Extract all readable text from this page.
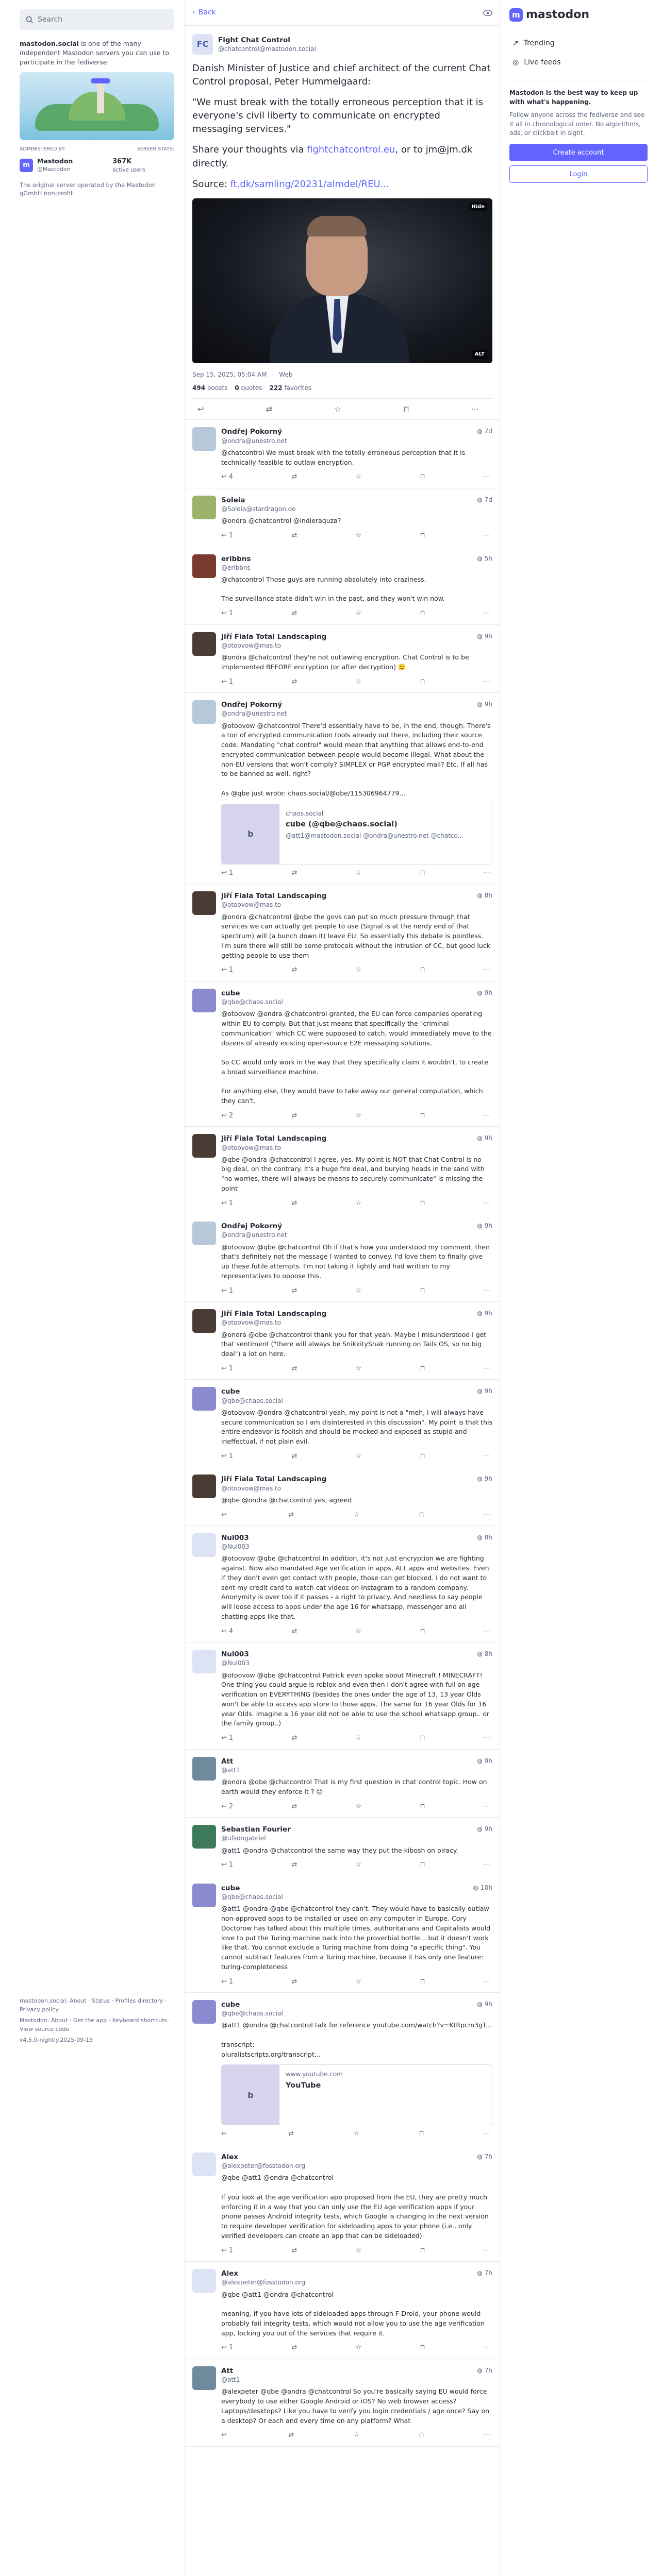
Search
mastodon.social is one of the many independent Mastodon servers you can use to participate in the fediverse.
ADMINISTERED BY:	SERVER STATS:
m
Mastodon
@Mastodon
367K
active users
The original server operated by the Mastodon gGmbH non-profit
mastodon.social: About · Status · Profiles directory · Privacy policy
Mastodon: About · Get the app · Keyboard shortcuts · View source code
v4.5.0-nightly.2025-09-15
‹ Back
FC	Fight Chat Control
@chatcontrol@mastodon.social

Danish Minister of Justice and chief architect of the current Chat Control proposal, Peter Hummelgaard:

"We must break with the totally erroneous perception that it is everyone's civil liberty to communicate on encrypted messaging services."

Share your thoughts via fightchatcontrol.eu, or to jm@jm.dk directly.

Source: ft.dk/samling/20231/almdel/REU...

Hide
ALT
Sep 15, 2025, 05:04 AM · Web
494 boosts 0 quotes 222 favorites
↩	⇄	☆	⊓	⋯
Ondřej Pokorný
@ondra@unestro.net
◍ 7d

@chatcontrol We must break with the totally erroneous perception that it is technically feasible to outlaw encryption.

↩ 4	⇄	☆	⊓	⋯
Soleia
@Soleia@stardragon.de
◍ 7d

@ondra @chatcontrol @indieraquza?

↩ 1	⇄	☆	⊓	⋯
eribbns
@eribbns
◍ 5h

@chatcontrol Those guys are running absolutely into craziness.

The surveillance state didn't win in the past, and they won't win now.

↩ 1	⇄	☆	⊓	⋯
Jiří Fiala Total Landscaping
@otoovow@mas.to
◍ 9h

@ondra @chatcontrol they're not outlawing encryption. Chat Control is to be implemented BEFORE encryption (or after decryption) 🙂

↩ 1	⇄	☆	⊓	⋯
Ondřej Pokorný
@ondra@unestro.net
◍ 9h

@otoovow @chatcontrol There'd essentially have to be, in the end, though. There's a ton of encrypted communication tools already out there, including their source code. Mandating "chat control" would mean that anything that allows end-to-end encrypted communication between people would become illegal. What about the non-EU versions that won't comply? SIMPLEX or PGP encrypted mail? Etc. If all has to be banned as well, right?

As @qbe just wrote: chaos.social/@qbe/115306964779…

b
chaos.social
cube (@qbe@chaos.social)
@att1@mastodon.social @ondra@unestro.net @chatco...
↩ 1	⇄	☆	⊓	⋯
Jiří Fiala Total Landscaping
@otoovow@mas.to
◍ 8h

@ondra @chatcontrol @qbe the govs can put so much pressure through that services we can actually get people to use (Signal is at the nerdy end of that spectrum) will (a bunch down it) leave EU. So essentially this debate is pointless. I'm sure there will still be some protocols without the intrusion of CC, but good luck getting people to use them

↩ 1	⇄	☆	⊓	⋯
cube
@qbe@chaos.social
◍ 9h

@otoovow @ondra @chatcontrol granted, the EU can force companies operating within EU to comply. But that just means that specifically the "criminal communication" which CC were supposed to catch, would immediately move to the dozens of already existing open-source E2E messaging solutions.

So CC would only work in the way that they specifically claim it wouldn't, to create a broad surveillance machine.

For anything else, they would have to take away our general computation, which they can't.

↩ 2	⇄	☆	⊓	⋯
Jiří Fiala Total Landscaping
@otoovow@mas.to
◍ 9h

@qbe @ondra @chatcontrol I agree, yes. My point is NOT that Chat Control is no big deal, on the contrary. It's a huge fire deal, and burying heads in the sand with "no worries, there will always be means to securely communicate" is missing the point

↩ 1	⇄	☆	⊓	⋯
Ondřej Pokorný
@ondra@unestro.net
◍ 9h

@otoovow @qbe @chatcontrol Oh if that's how you understood my comment, then that's definitely not the message I wanted to convey. I'd love them to finally give up these futile attempts. I'm not taking it lightly and had written to my representatives to oppose this.

↩ 1	⇄	☆	⊓	⋯
Jiří Fiala Total Landscaping
@otoovow@mas.to
◍ 9h

@ondra @qbe @chatcontrol thank you for that yeah. Maybe I misunderstood I get that sentiment ("there will always be SnikkitySnak running on Tails OS, so no big deal") a lot on here.

↩ 1	⇄	☆	⊓	⋯
cube
@qbe@chaos.social
◍ 9h

@otoovow @ondra @chatcontrol yeah, my point is not a "meh, I will always have secure communication so I am disinterested in this discussion". My point is that this entire endeavor is foolish and should be mocked and exposed as stupid and ineffectual, if not plain evil.

↩ 1	⇄	☆	⊓	⋯
Jiří Fiala Total Landscaping
@otoovow@mas.to
◍ 9h

@qbe @ondra @chatcontrol yes, agreed

↩	⇄	☆	⊓	⋯
Nul003
@Nul003
◍ 8h

@otoovow @qbe @chatcontrol In addition, it's not just encryption we are fighting against. Now also mandated Age verification in apps, ALL apps and websites. Even if they don't even get contact with people, those can get blocked. I do not want to sent my credit card to watch cat videos on Instagram to a random company. Anonymity is over too if it passes - a right to privacy. And needless to say people will loose access to apps under the age 16 for whatsapp, messenger and all chatting apps like that.

↩ 4	⇄	☆	⊓	⋯
Nul003
@Nul003
◍ 8h

@otoovow @qbe @chatcontrol Patrick even spoke about Minecraft ! MINECRAFT! One thing you could argue is roblox and even then I don't agree with full on age verification on EVERYTHING (besides the ones under the age of 13, 13 year Olds won't be able to access app store to those apps. The same for 16 year Olds for 16 year Olds. Imagine a 16 year old not be able to use the school whatsapp group.. or the family group..)

↩ 1	⇄	☆	⊓	⋯
Att
@att1
◍ 9h

@ondra @qbe @chatcontrol That is my first question in chat control topic. How on earth would they enforce it ? 😕

↩ 2	⇄	☆	⊓	⋯
Sebastian Fourier
@ufsongabriel
◍ 9h

@att1 @ondra @chatcontrol the same way they put the kibosh on piracy.

↩ 1	⇄	☆	⊓	⋯
cube
@qbe@chaos.social
◍ 10h

@att1 @ondra @qbe @chatcontrol they can't. They would have to basically outlaw non-approved apps to be installed or used on any computer in Europe. Cory Doctorow has talked about this multiple times, authoritarians and Capitalists would love to put the Turing machine back into the proverbial bottle... but it doesn't work like that. You cannot exclude a Turing machine from doing "a specific thing". You cannot subtract features from a Turing machine, because it has only one feature: turing-completeness

↩ 1	⇄	☆	⊓	⋯
cube
@qbe@chaos.social
◍ 9h

@att1 @ondra @chatcontrol talk for reference youtube.com/watch?v=KtRpcm3gT...

transcript:
pluralistscripts.org/transcript...

b
www.youtube.com
YouTube
↩	⇄	☆	⊓	⋯
Alex
@alexpeter@fosstodon.org
◍ 7h

@qbe @att1 @ondra @chatcontrol

If you look at the age verification app proposed from the EU, they are pretty much enforcing it in a way that you can only use the EU age verification apps if your phone passes Android integrity tests, which Google is changing in the next version to require developer verification for sideloading apps to your phone (i.e., only verified developers can create an app that can be sideloaded)

↩ 1	⇄	☆	⊓	⋯
Alex
@alexpeter@fosstodon.org
◍ 7h

@qbe @att1 @ondra @chatcontrol

meaning, if you have lots of sideloaded apps through F-Droid, your phone would probably fail integrity tests, which would not allow you to use the age verification app, locking you out of the services that require it.

↩ 1	⇄	☆	⊓	⋯
Att
@att1
◍ 7h

@alexpeter @qbe @ondra @chatcontrol So you're basically saying EU would force everybody to use either Google Android or iOS? No web browser access? Laptops/desktops? Like you have to verify you login credentials / age once? Say on a desktop? Or each and every time on any platform? What

↩	⇄	☆	⊓	⋯
m mastodon
↗ Trending
◎ Live feeds
Mastodon is the best way to keep up with what's happening.
Follow anyone across the fediverse and see it all in chronological order. No algorithms, ads, or clickbait in sight.
Create account
Login
